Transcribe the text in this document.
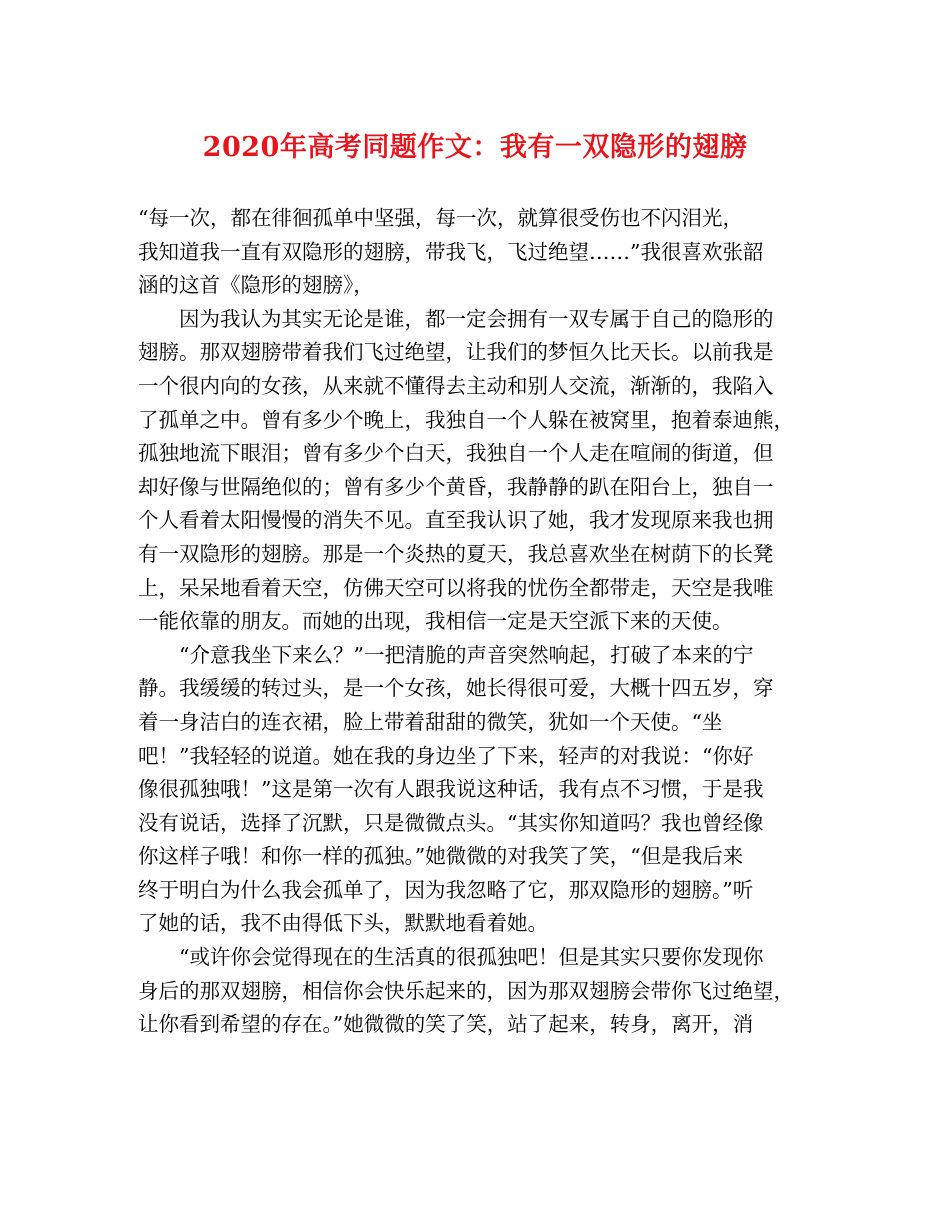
2020年高考同题作文：我有一双隐形的翅膀

“每一次，都在徘徊孤单中坚强，每一次，就算很受伤也不闪泪光，
我知道我一直有双隐形的翅膀，带我飞，飞过绝望……”我很喜欢张韶
涵的这首《隐形的翅膀》，

　　因为我认为其实无论是谁，都一定会拥有一双专属于自己的隐形的
翅膀。那双翅膀带着我们飞过绝望，让我们的梦恒久比天长。以前我是
一个很内向的女孩，从来就不懂得去主动和别人交流，渐渐的，我陷入
了孤单之中。曾有多少个晚上，我独自一个人躲在被窝里，抱着泰迪熊，
孤独地流下眼泪；曾有多少个白天，我独自一个人走在喧闹的街道，但
却好像与世隔绝似的；曾有多少个黄昏，我静静的趴在阳台上，独自一
个人看着太阳慢慢的消失不见。直至我认识了她，我才发现原来我也拥
有一双隐形的翅膀。那是一个炎热的夏天，我总喜欢坐在树荫下的长凳
上，呆呆地看着天空，仿佛天空可以将我的忧伤全都带走，天空是我唯
一能依靠的朋友。而她的出现，我相信一定是天空派下来的天使。

　　“介意我坐下来么？”一把清脆的声音突然响起，打破了本来的宁
静。我缓缓的转过头，是一个女孩，她长得很可爱，大概十四五岁，穿
着一身洁白的连衣裙，脸上带着甜甜的微笑，犹如一个天使。“坐
吧！”我轻轻的说道。她在我的身边坐了下来，轻声的对我说：“你好
像很孤独哦！”这是第一次有人跟我说这种话，我有点不习惯，于是我
没有说话，选择了沉默，只是微微点头。“其实你知道吗？我也曾经像
你这样子哦！和你一样的孤独。”她微微的对我笑了笑，“但是我后来
终于明白为什么我会孤单了，因为我忽略了它，那双隐形的翅膀。”听
了她的话，我不由得低下头，默默地看着她。

　　“或许你会觉得现在的生活真的很孤独吧！但是其实只要你发现你
身后的那双翅膀，相信你会快乐起来的，因为那双翅膀会带你飞过绝望，
让你看到希望的存在。”她微微的笑了笑，站了起来，转身，离开，消
